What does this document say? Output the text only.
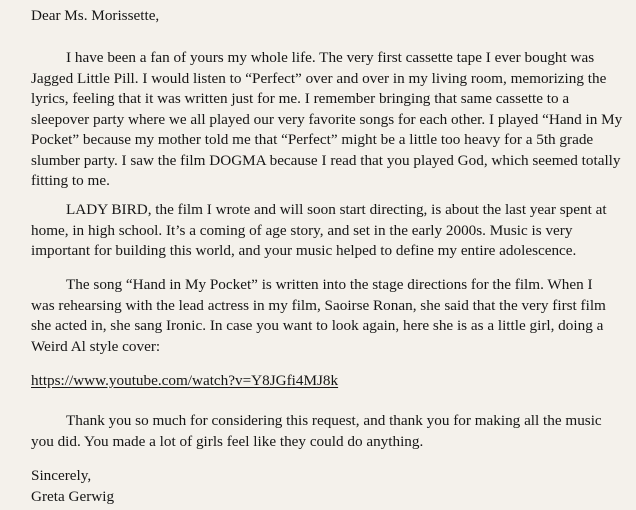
Dear Ms. Morissette,

I have been a fan of yours my whole life. The very first cassette tape I ever bought was
Jagged Little Pill. I would listen to “Perfect” over and over in my living room, memorizing the
lyrics, feeling that it was written just for me. I remember bringing that same cassette to a
sleepover party where we all played our very favorite songs for each other. I played “Hand in My
Pocket” because my mother told me that “Perfect” might be a little too heavy for a 5th grade
slumber party. I saw the film DOGMA because I read that you played God, which seemed totally
fitting to me.
LADY BIRD, the film I wrote and will soon start directing, is about the last year spent at
home, in high school. It’s a coming of age story, and set in the early 2000s. Music is very
important for building this world, and your music helped to define my entire adolescence.
The song “Hand in My Pocket” is written into the stage directions for the film. When I
was rehearsing with the lead actress in my film, Saoirse Ronan, she said that the very first film
she acted in, she sang Ironic. In case you want to look again, here she is as a little girl, doing a
Weird Al style cover:

https://www.youtube.com/watch?v=Y8JGfi4MJ8k

Thank you so much for considering this request, and thank you for making all the music
you did. You made a lot of girls feel like they could do anything.

Sincerely,

Greta Gerwig
